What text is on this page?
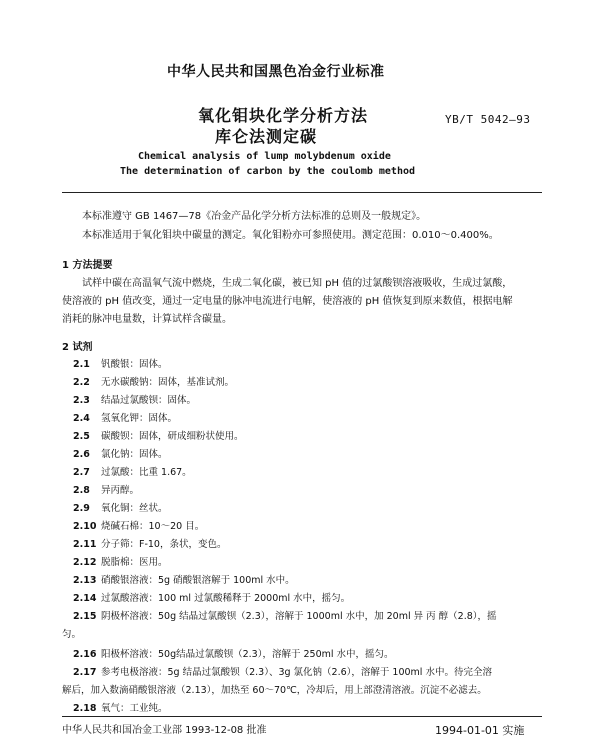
中华人民共和国黑色冶金行业标准
氧化钼块化学分析方法
库仑法测定碳
YB/T 5042—93
Chemical analysis of lump molybdenum oxide
The determination of carbon by the coulomb method
本标准遵守 GB 1467—78《冶金产品化学分析方法标准的总则及一般规定》。
本标准适用于氧化钼块中碳量的测定。氧化钼粉亦可参照使用。测定范围：0.010～0.400%。
1 方法提要
试样中碳在高温氧气流中燃烧，生成二氧化碳，被已知 pH 值的过氯酸钡溶液吸收，生成过氯酸，
使溶液的 pH 值改变，通过一定电量的脉冲电流进行电解，使溶液的 pH 值恢复到原来数值，根据电解
消耗的脉冲电量数，计算试样含碳量。
2 试剂
2.1 钒酸银：固体。
2.2 无水碳酸钠：固体，基准试剂。
2.3 结晶过氯酸钡：固体。
2.4 氢氧化钾：固体。
2.5 碳酸钡：固体，研成细粉状使用。
2.6 氯化钠：固体。
2.7 过氯酸：比重 1.67。
2.8 异丙醇。
2.9 氧化铜：丝状。
2.10 烧碱石棉：10～20 目。
2.11 分子筛：F-10，条状，变色。
2.12 脱脂棉：医用。
2.13 硝酸银溶液：5g 硝酸银溶解于 100ml 水中。
2.14 过氯酸溶液：100 ml 过氯酸稀释于 2000ml 水中，摇匀。
2.15 阴极杯溶液：50g 结晶过氯酸钡（2.3），溶解于 1000ml 水中，加 20ml 异 丙 醇（2.8），摇
匀。
2.16 阳极杯溶液：50g结晶过氯酸钡（2.3），溶解于 250ml 水中，摇匀。
2.17 参考电极溶液：5g 结晶过氯酸钡（2.3）、3g 氯化钠（2.6），溶解于 100ml 水中。待完全溶
解后，加入数滴硝酸银溶液（2.13），加热至 60～70℃，冷却后，用上部澄清溶液。沉淀不必滤去。
2.18 氧气：工业纯。
中华人民共和国冶金工业部 1993-12-08 批准	1994-01-01 实施
